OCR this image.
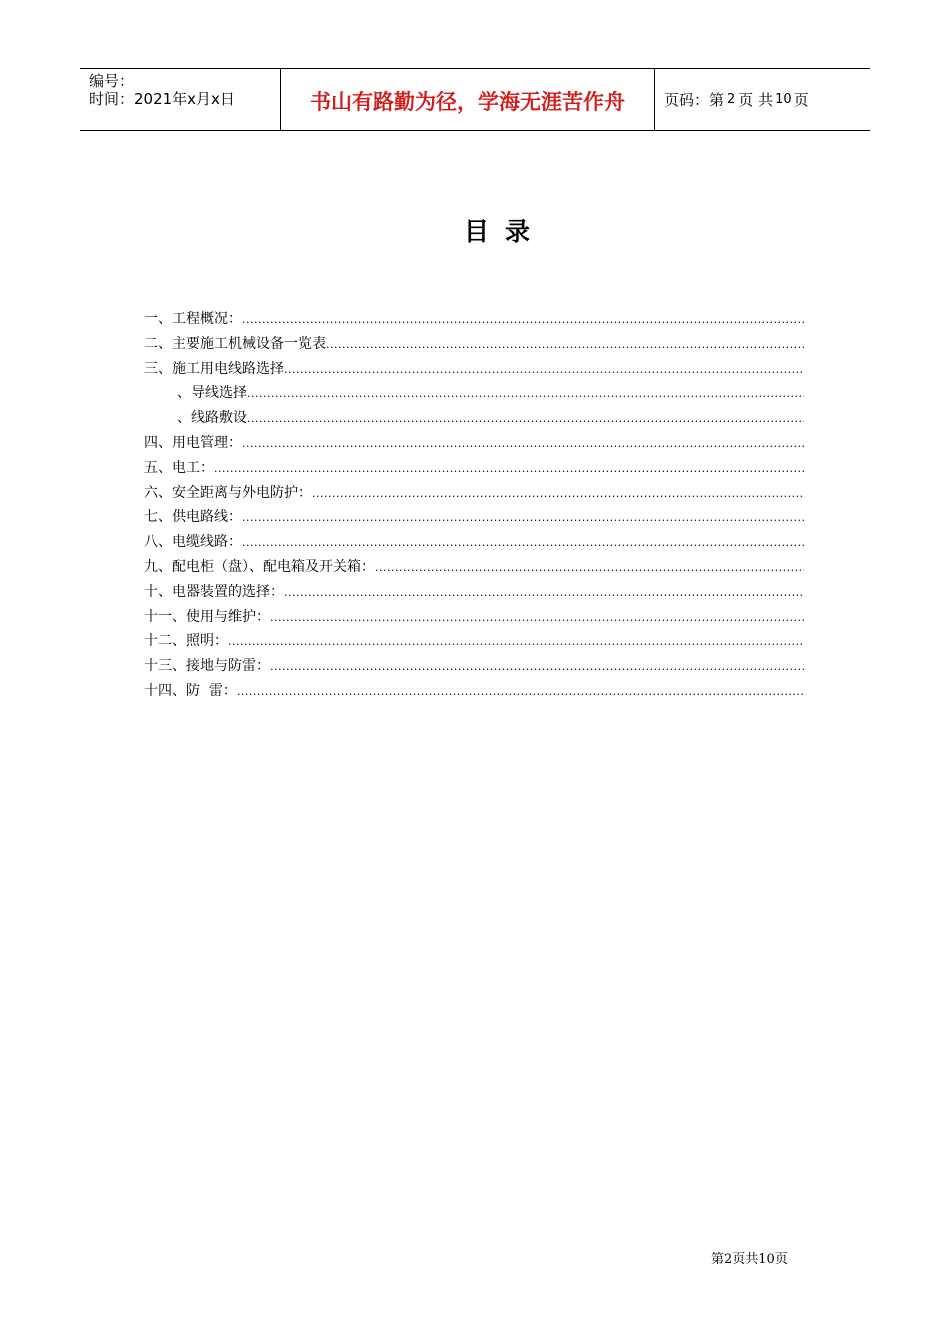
编号：
时间：2021年x月x日	书山有路勤为径，学海无涯苦作舟	页码：第 2 页 共 10 页
目录
一、工程概况：
.....
二、主要施工机械设备一览表
.....
三、施工用电线路选择
.....
、导线选择
.....
、线路敷设
.....
四、用电管理：
.....
五、电工：
.....
六、安全距离与外电防护：
.....
七、供电路线：
.....
八、电缆线路：
.....
九、配电柜（盘）、配电箱及开关箱：
.....
十、电器装置的选择：
.....
十一、使用与维护：
.....
十二、照明：
.....
十三、接地与防雷：
.....
十四、防  雷：
.....
第2页共10页
